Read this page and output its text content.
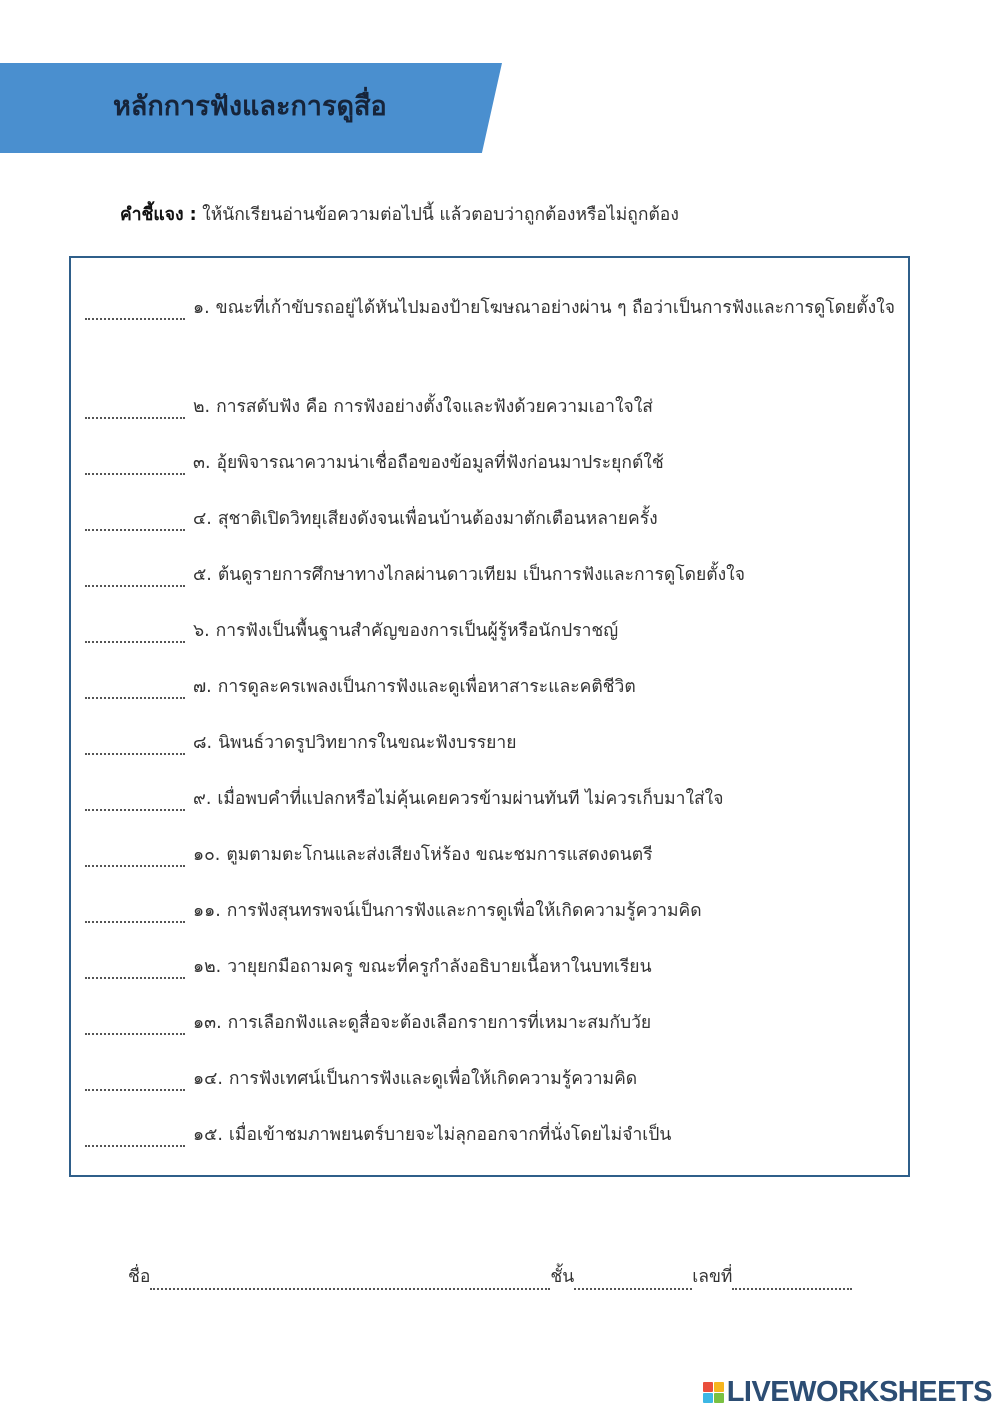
หลักการฟังและการดูสื่อ
คำชี้แจง : ให้นักเรียนอ่านข้อความต่อไปนี้ แล้วตอบว่าถูกต้องหรือไม่ถูกต้อง
๑. ขณะที่เก้าขับรถอยู่ได้หันไปมองป้ายโฆษณาอย่างผ่าน ๆ ถือว่าเป็นการฟังและการดูโดยตั้งใจ
๒. การสดับฟัง คือ การฟังอย่างตั้งใจและฟังด้วยความเอาใจใส่
๓. อุ้ยพิจารณาความน่าเชื่อถือของข้อมูลที่ฟังก่อนมาประยุกต์ใช้
๔. สุชาติเปิดวิทยุเสียงดังจนเพื่อนบ้านต้องมาตักเตือนหลายครั้ง
๕. ต้นดูรายการศึกษาทางไกลผ่านดาวเทียม เป็นการฟังและการดูโดยตั้งใจ
๖. การฟังเป็นพื้นฐานสำคัญของการเป็นผู้รู้หรือนักปราชญ์
๗. การดูละครเพลงเป็นการฟังและดูเพื่อหาสาระและคติชีวิต
๘. นิพนธ์วาดรูปวิทยากรในขณะฟังบรรยาย
๙. เมื่อพบคำที่แปลกหรือไม่คุ้นเคยควรข้ามผ่านทันที ไม่ควรเก็บมาใส่ใจ
๑๐. ตูมตามตะโกนและส่งเสียงโห่ร้อง ขณะชมการแสดงดนตรี
๑๑. การฟังสุนทรพจน์เป็นการฟังและการดูเพื่อให้เกิดความรู้ความคิด
๑๒. วายุยกมือถามครู ขณะที่ครูกำลังอธิบายเนื้อหาในบทเรียน
๑๓. การเลือกฟังและดูสื่อจะต้องเลือกรายการที่เหมาะสมกับวัย
๑๔. การฟังเทศน์เป็นการฟังและดูเพื่อให้เกิดความรู้ความคิด
๑๕. เมื่อเข้าชมภาพยนตร์บายจะไม่ลุกออกจากที่นั่งโดยไม่จำเป็น
ชื่อ	ชั้น	เลขที่
LIVEWORKSHEETS
